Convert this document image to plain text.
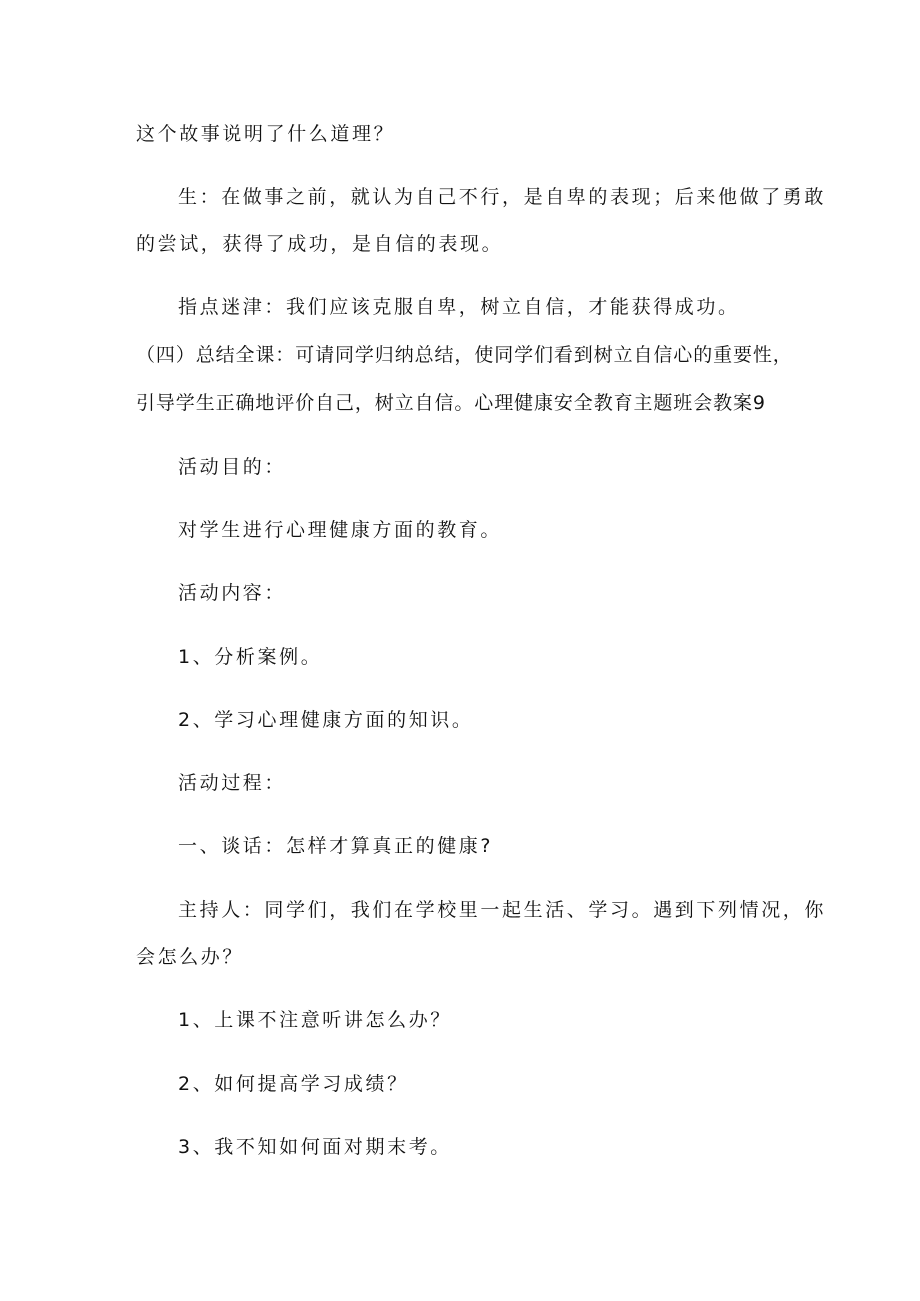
这个故事说明了什么道理？
生：在做事之前，就认为自己不行，是自卑的表现；后来他做了勇敢
的尝试，获得了成功，是自信的表现。
指点迷津：我们应该克服自卑，树立自信，才能获得成功。
（四）总结全课：可请同学归纳总结，使同学们看到树立自信心的重要性，
引导学生正确地评价自己，树立自信。心理健康安全教育主题班会教案9
活动目的：
对学生进行心理健康方面的教育。
活动内容：
1、分析案例。
2、学习心理健康方面的知识。
活动过程：
一、谈话：怎样才算真正的健康?
主持人：同学们，我们在学校里一起生活、学习。遇到下列情况，你
会怎么办？
1、上课不注意听讲怎么办？
2、如何提高学习成绩？
3、我不知如何面对期末考。
